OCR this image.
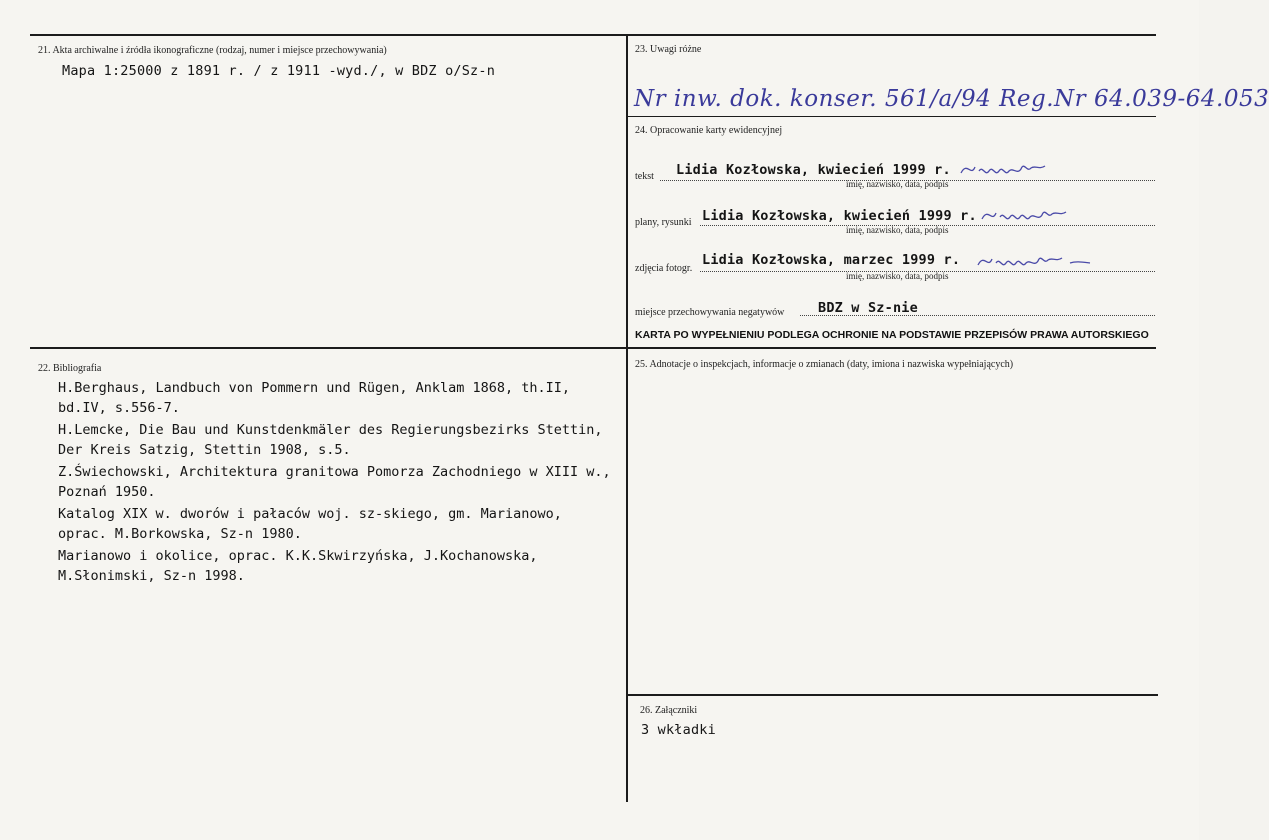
21. Akta archiwalne i źródła ikonograficzne (rodzaj, numer i miejsce przechowywania)
Mapa 1:25000 z 1891 r. / z 1911 -wyd./, w BDZ o/Sz-n
23. Uwagi różne
Nr inw. dok. konser. 561/a/94 Reg.Nr 64.039-64.053
24. Opracowanie karty ewidencyjnej
tekst Lidia Kozłowska, kwiecień 1999 r.
imię, nazwisko, data, podpis
plany, rysunki Lidia Kozłowska, kwiecień 1999 r.
imię, nazwisko, data, podpis
zdjęcia fotogr.
Lidia Kozłowska, marzec 1999 r.
imię, nazwisko, data, podpis
miejsce przechowywania negatywów BDZ w Sz-nie
KARTA PO WYPEŁNIENIU PODLEGA OCHRONIE NA PODSTAWIE PRZEPISÓW PRAWA AUTORSKIEGO
22. Bibliografia
H.Berghaus, Landbuch von Pommern und Rügen, Anklam 1868, th.II,
bd.IV, s.556-7.
H.Lemcke, Die Bau und Kunstdenkmäler des Regierungsbezirks Stettin,
Der Kreis Satzig, Stettin 1908, s.5.
Z.Świechowski, Architektura granitowa Pomorza Zachodniego w XIII w.,
Poznań 1950.
Katalog XIX w. dworów i pałaców woj. sz-skiego, gm. Marianowo,
oprac. M.Borkowska, Sz-n 1980.
Marianowo i okolice, oprac. K.K.Skwirzyńska, J.Kochanowska,
M.Słonimski, Sz-n 1998.
25. Adnotacje o inspekcjach, informacje o zmianach (daty, imiona i nazwiska wypełniających)
26. Załączniki
3 wkładki
